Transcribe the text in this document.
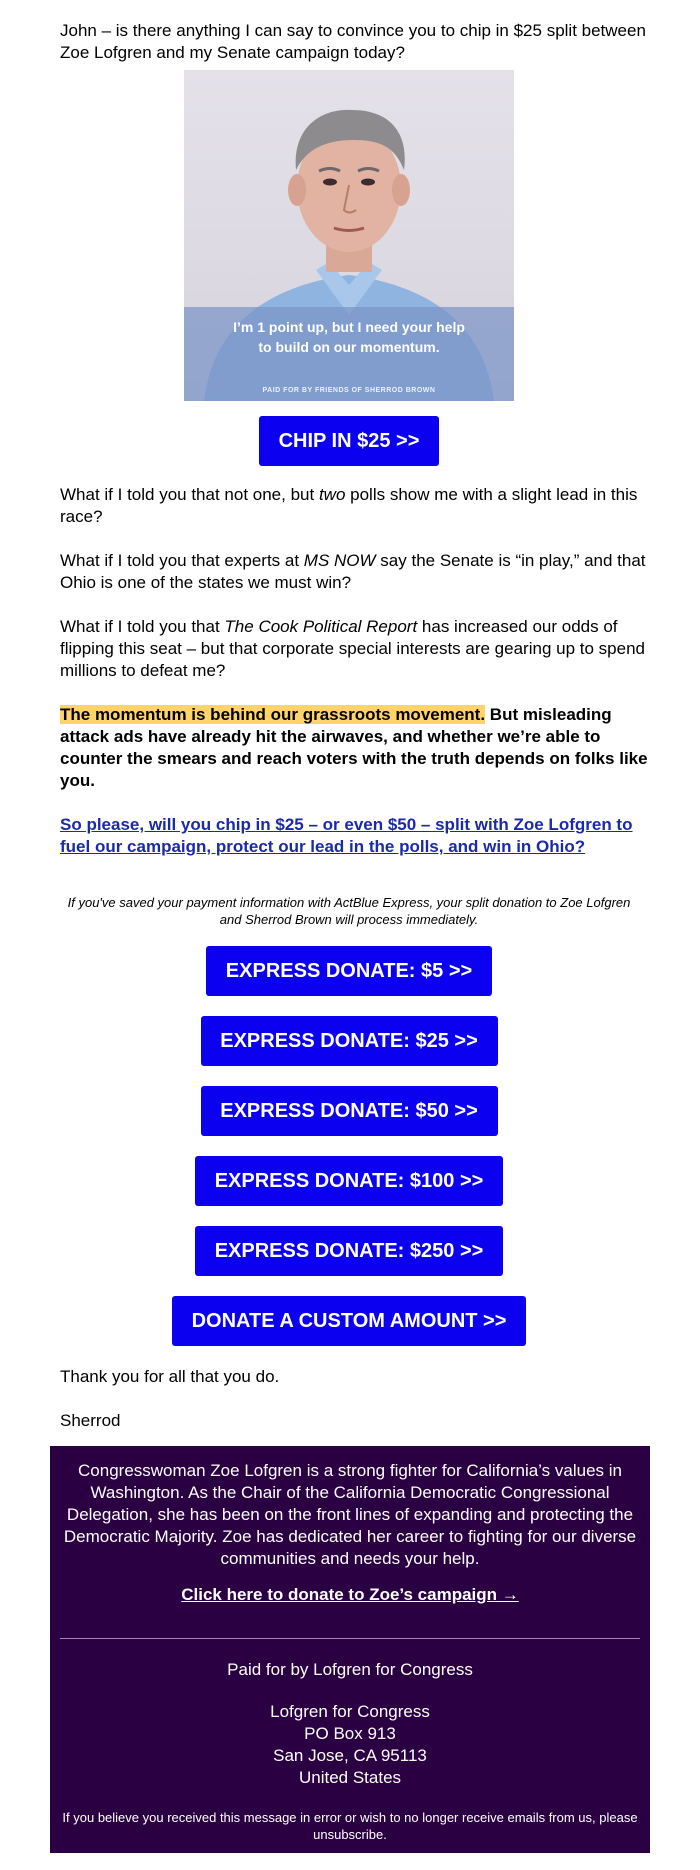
John – is there anything I can say to convince you to chip in $25 split between Zoe Lofgren and my Senate campaign today?

I’m 1 point up, but I need your help
to build on our momentum.
PAID FOR BY FRIENDS OF SHERROD BROWN
CHIP IN $25 >>

What if I told you that not one, but two polls show me with a slight lead in this race?

What if I told you that experts at MS NOW say the Senate is “in play,” and that Ohio is one of the states we must win?

What if I told you that The Cook Political Report has increased our odds of flipping this seat – but that corporate special interests are gearing up to spend millions to defeat me?

The momentum is behind our grassroots movement. But misleading attack ads have already hit the airwaves, and whether we’re able to counter the smears and reach voters with the truth depends on folks like you.

So please, will you chip in $25 – or even $50 – split with Zoe Lofgren to fuel our campaign, protect our lead in the polls, and win in Ohio?

If you've saved your payment information with ActBlue Express, your split donation to Zoe Lofgren and Sherrod Brown will process immediately.

EXPRESS DONATE: $5 >>
EXPRESS DONATE: $25 >>
EXPRESS DONATE: $50 >>
EXPRESS DONATE: $100 >>
EXPRESS DONATE: $250 >>
DONATE A CUSTOM AMOUNT >>

Thank you for all that you do.

Sherrod

Congresswoman Zoe Lofgren is a strong fighter for California’s values in Washington. As the Chair of the California Democratic Congressional Delegation, she has been on the front lines of expanding and protecting the Democratic Majority. Zoe has dedicated her career to fighting for our diverse communities and needs your help.

Click here to donate to Zoe’s campaign →

Paid for by Lofgren for Congress

Lofgren for Congress

PO Box 913

San Jose, CA 95113

United States

If you believe you received this message in error or wish to no longer receive emails from us, please unsubscribe.
